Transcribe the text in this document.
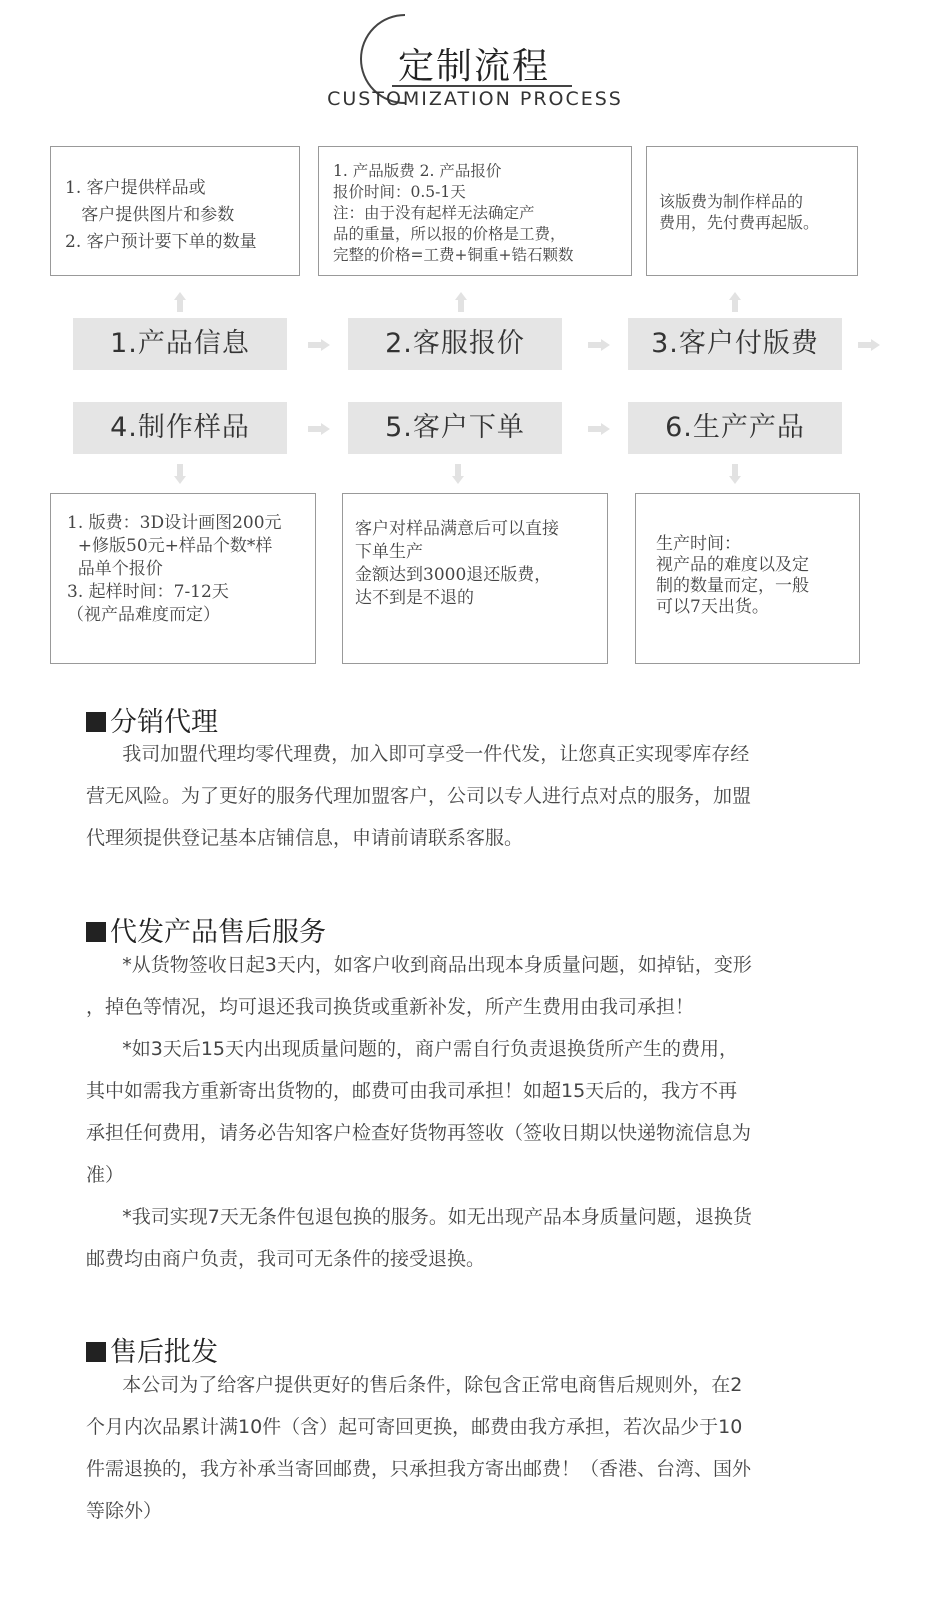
定制流程
CUSTOMIZATION PROCESS
1. 客户提供样品或
客户提供图片和参数
2. 客户预计要下单的数量
1. 产品版费 2. 产品报价
报价时间：0.5-1天
注：由于没有起样无法确定产
品的重量，所以报的价格是工费，
完整的价格=工费+铜重+锆石颗数
该版费为制作样品的
费用，先付费再起版。
1.产品信息	2.客服报价	3.客户付版费
4.制作样品	5.客户下单	6.生产产品
1. 版费：3D设计画图200元
+修版50元+样品个数*样
品单个报价
3. 起样时间：7-12天
（视产品难度而定）
客户对样品满意后可以直接
下单生产
金额达到3000退还版费，
达不到是不退的
生产时间：
视产品的难度以及定
制的数量而定，一般
可以7天出货。
分销代理
我司加盟代理均零代理费，加入即可享受一件代发，让您真正实现零库存经
营无风险。为了更好的服务代理加盟客户，公司以专人进行点对点的服务，加盟
代理须提供登记基本店铺信息，申请前请联系客服。
代发产品售后服务
*从货物签收日起3天内，如客户收到商品出现本身质量问题，如掉钻，变形
，掉色等情况，均可退还我司换货或重新补发，所产生费用由我司承担！
*如3天后15天内出现质量问题的，商户需自行负责退换货所产生的费用，
其中如需我方重新寄出货物的，邮费可由我司承担！如超15天后的，我方不再
承担任何费用，请务必告知客户检查好货物再签收（签收日期以快递物流信息为
准）
*我司实现7天无条件包退包换的服务。如无出现产品本身质量问题，退换货
邮费均由商户负责，我司可无条件的接受退换。
售后批发
本公司为了给客户提供更好的售后条件，除包含正常电商售后规则外，在2
个月内次品累计满10件（含）起可寄回更换，邮费由我方承担，若次品少于10
件需退换的，我方补承当寄回邮费，只承担我方寄出邮费！（香港、台湾、国外
等除外）
